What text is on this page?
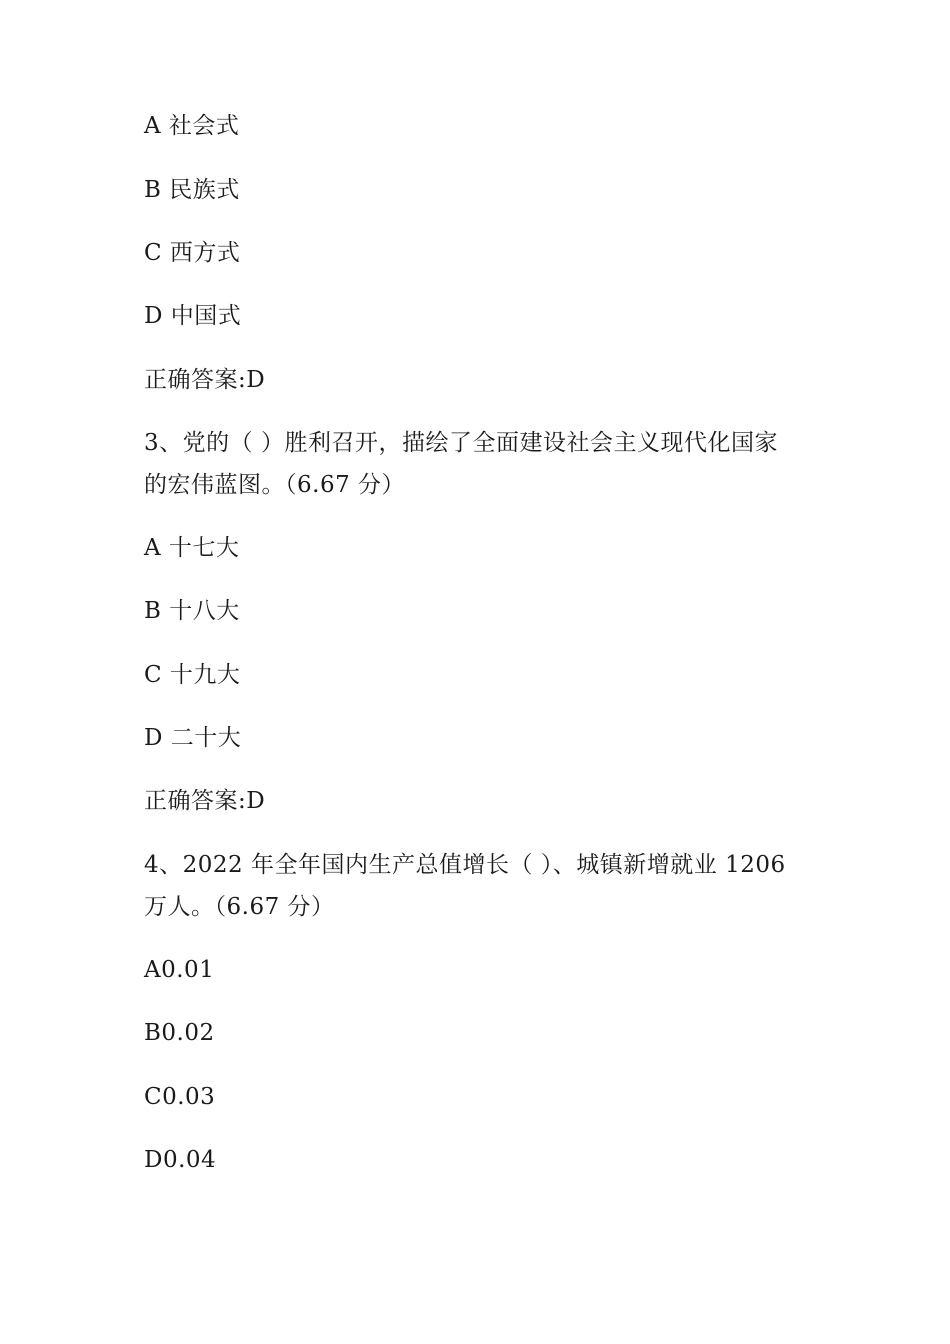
A 社会式
B 民族式
C 西方式
D 中国式
正确答案:D
3、党的（ ）胜利召开，描绘了全面建设社会主义现代化国家
的宏伟蓝图。（6.67 分）
A 十七大
B 十八大
C 十九大
D 二十大
正确答案:D
4、2022 年全年国内生产总值增长（ ）、城镇新增就业 1206
万人。（6.67 分）
A0.01
B0.02
C0.03
D0.04
